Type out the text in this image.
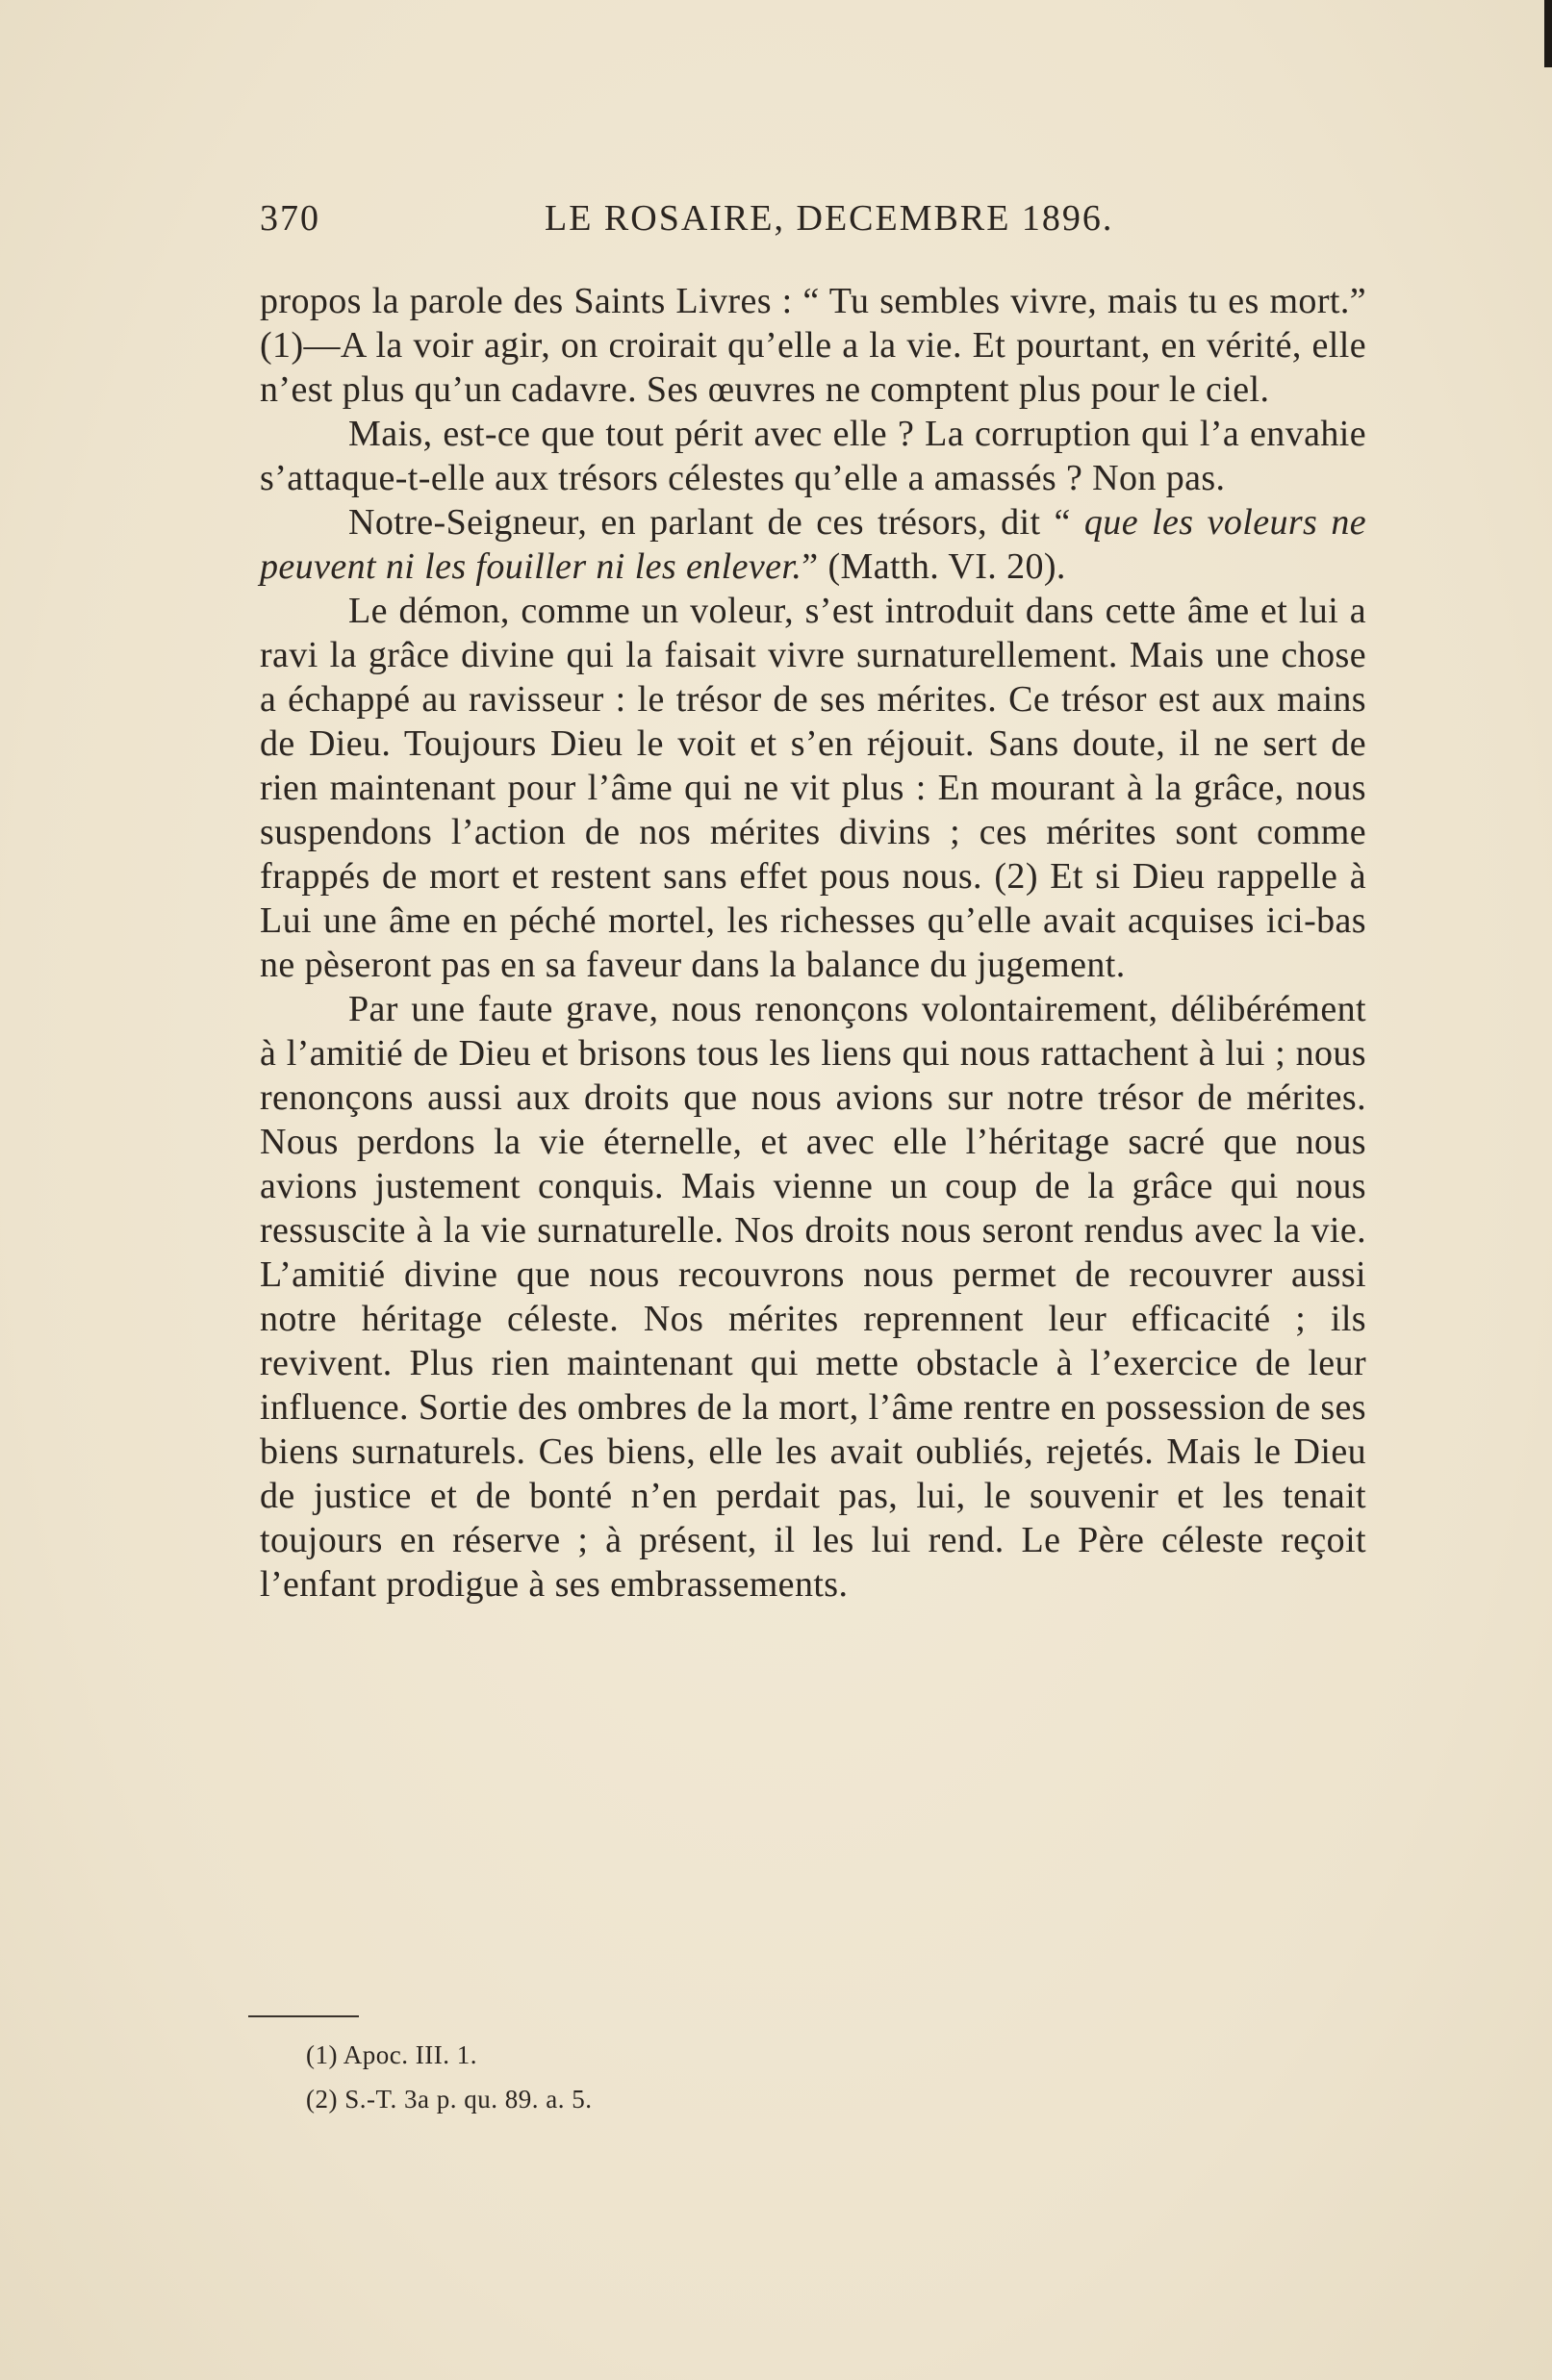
370	LE ROSAIRE, DECEMBRE 1896.

propos la parole des Saints Livres : “ Tu sembles vivre, mais tu es mort.” (1)—A la voir agir, on croirait qu’elle a la vie. Et pourtant, en vérité, elle n’est plus qu’un cadavre. Ses œuvres ne comptent plus pour le ciel.

Mais, est-ce que tout périt avec elle ? La corruption qui l’a envahie s’attaque-t-elle aux trésors célestes qu’elle a amassés ? Non pas.

Notre-Seigneur, en parlant de ces trésors, dit “ que les voleurs ne peuvent ni les fouiller ni les enlever.” (Matth. VI. 20).

Le démon, comme un voleur, s’est introduit dans cette âme et lui a ravi la grâce divine qui la faisait vivre surnaturellement. Mais une chose a échappé au ravisseur : le trésor de ses mérites. Ce trésor est aux mains de Dieu. Toujours Dieu le voit et s’en réjouit. Sans doute, il ne sert de rien maintenant pour l’âme qui ne vit plus : En mourant à la grâce, nous suspendons l’action de nos mérites divins ; ces mérites sont comme frappés de mort et restent sans effet pous nous. (2) Et si Dieu rappelle à Lui une âme en péché mortel, les richesses qu’elle avait acquises ici-bas ne pèseront pas en sa faveur dans la balance du jugement.

Par une faute grave, nous renonçons volontairement, délibérément à l’amitié de Dieu et brisons tous les liens qui nous rattachent à lui ; nous renonçons aussi aux droits que nous avions sur notre trésor de mérites. Nous perdons la vie éternelle, et avec elle l’héritage sacré que nous avions justement conquis. Mais vienne un coup de la grâce qui nous ressuscite à la vie surnaturelle. Nos droits nous seront rendus avec la vie. L’amitié divine que nous recouvrons nous permet de recouvrer aussi notre héritage céleste. Nos mérites reprennent leur efficacité ; ils revivent. Plus rien maintenant qui mette obstacle à l’exercice de leur influence. Sortie des ombres de la mort, l’âme rentre en possession de ses biens surnaturels. Ces biens, elle les avait oubliés, rejetés. Mais le Dieu de justice et de bonté n’en perdait pas, lui, le souvenir et les tenait toujours en réserve ; à présent, il les lui rend. Le Père céleste reçoit l’enfant prodigue à ses embrassements.

(1) Apoc. III. 1.
(2) S.-T. 3a p. qu. 89. a. 5.
